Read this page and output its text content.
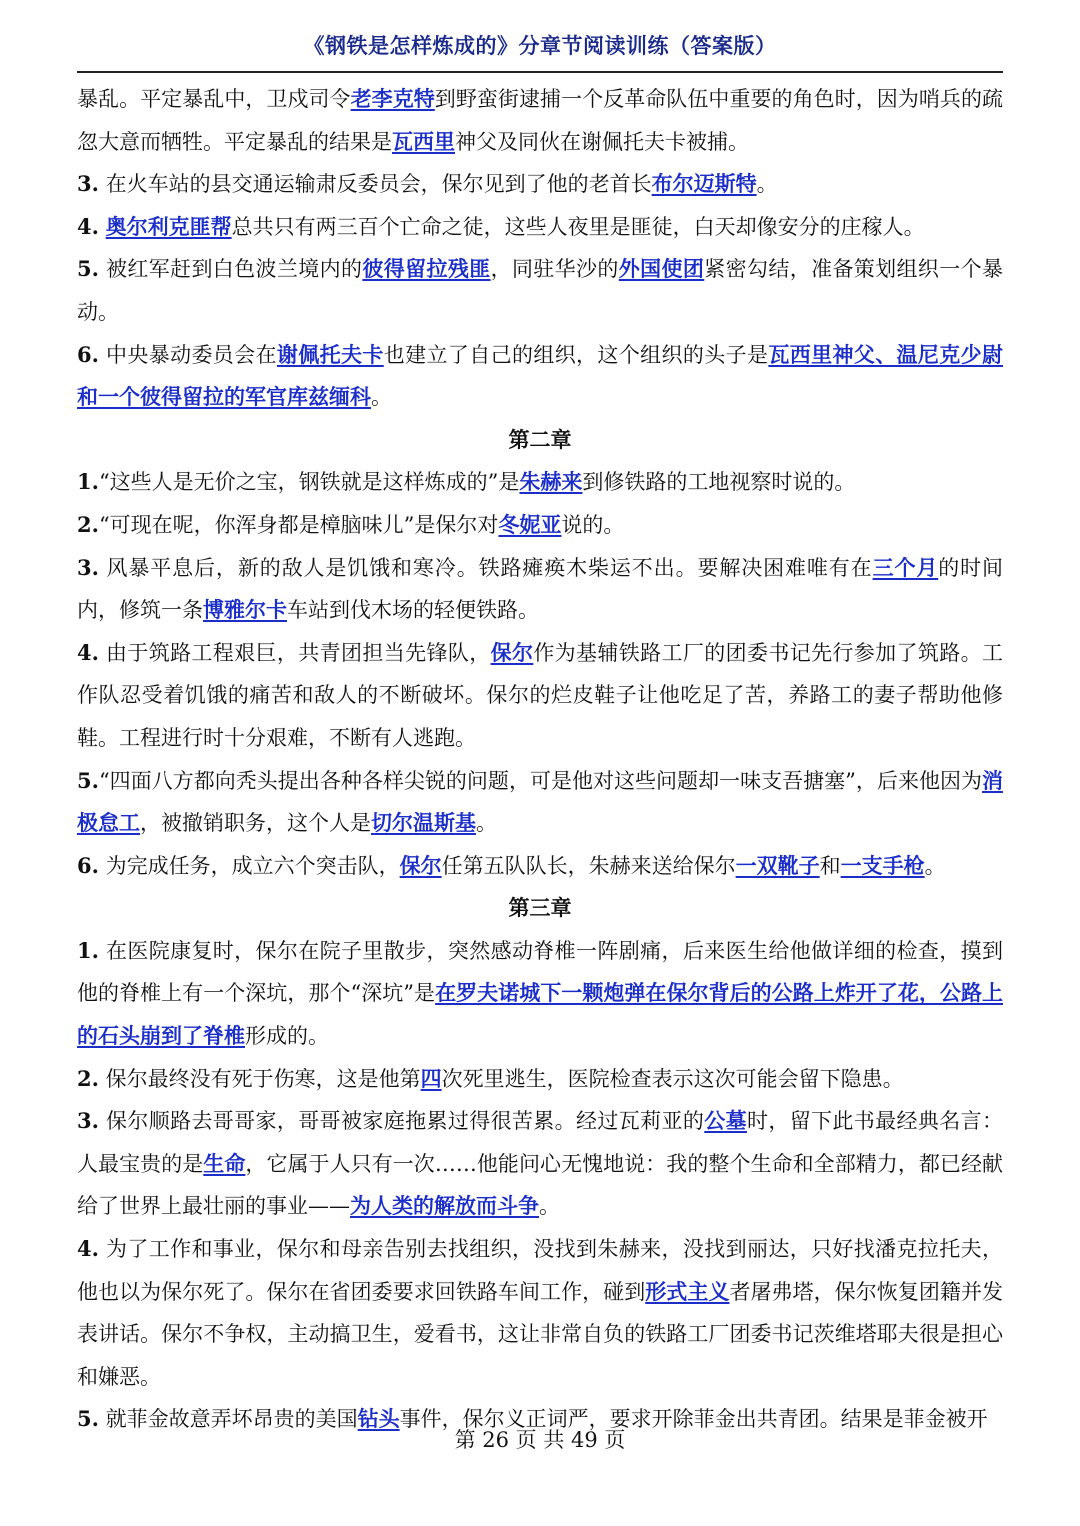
《钢铁是怎样炼成的》分章节阅读训练（答案版）

暴乱。平定暴乱中，卫戍司令老李克特到野蛮街逮捕一个反革命队伍中重要的角色时，因为哨兵的疏忽大意而牺牲。平定暴乱的结果是瓦西里神父及同伙在谢佩托夫卡被捕。

3. 在火车站的县交通运输肃反委员会，保尔见到了他的老首长布尔迈斯特。

4. 奥尔利克匪帮总共只有两三百个亡命之徒，这些人夜里是匪徒，白天却像安分的庄稼人。

5. 被红军赶到白色波兰境内的彼得留拉残匪，同驻华沙的外国使团紧密勾结，准备策划组织一个暴动。

6. 中央暴动委员会在谢佩托夫卡也建立了自己的组织，这个组织的头子是瓦西里神父、温尼克少尉和一个彼得留拉的军官库兹缅科。

第二章

1.“这些人是无价之宝，钢铁就是这样炼成的”是朱赫来到修铁路的工地视察时说的。

2.“可现在呢，你浑身都是樟脑味儿”是保尔对冬妮亚说的。

3. 风暴平息后，新的敌人是饥饿和寒冷。铁路瘫痪木柴运不出。要解决困难唯有在三个月的时间内，修筑一条博雅尔卡车站到伐木场的轻便铁路。

4. 由于筑路工程艰巨，共青团担当先锋队，保尔作为基辅铁路工厂的团委书记先行参加了筑路。工作队忍受着饥饿的痛苦和敌人的不断破坏。保尔的烂皮鞋子让他吃足了苦，养路工的妻子帮助他修鞋。工程进行时十分艰难，不断有人逃跑。

5.“四面八方都向秃头提出各种各样尖锐的问题，可是他对这些问题却一味支吾搪塞”，后来他因为消极怠工，被撤销职务，这个人是切尔温斯基。

6. 为完成任务，成立六个突击队，保尔任第五队队长，朱赫来送给保尔一双靴子和一支手枪。

第三章

1. 在医院康复时，保尔在院子里散步，突然感动脊椎一阵剧痛，后来医生给他做详细的检查，摸到他的脊椎上有一个深坑，那个“深坑”是在罗夫诺城下一颗炮弹在保尔背后的公路上炸开了花，公路上的石头崩到了脊椎形成的。

2. 保尔最终没有死于伤寒，这是他第四次死里逃生，医院检查表示这次可能会留下隐患。

3. 保尔顺路去哥哥家，哥哥被家庭拖累过得很苦累。经过瓦莉亚的公墓时，留下此书最经典名言：人最宝贵的是生命，它属于人只有一次……他能问心无愧地说：我的整个生命和全部精力，都已经献给了世界上最壮丽的事业——为人类的解放而斗争。

4. 为了工作和事业，保尔和母亲告别去找组织，没找到朱赫来，没找到丽达，只好找潘克拉托夫，他也以为保尔死了。保尔在省团委要求回铁路车间工作，碰到形式主义者屠弗塔，保尔恢复团籍并发表讲话。保尔不争权，主动搞卫生，爱看书，这让非常自负的铁路工厂团委书记茨维塔耶夫很是担心和嫌恶。

5. 就菲金故意弄坏昂贵的美国钻头事件，保尔义正词严，要求开除菲金出共青团。结果是菲金被开

第 26 页 共 49 页
